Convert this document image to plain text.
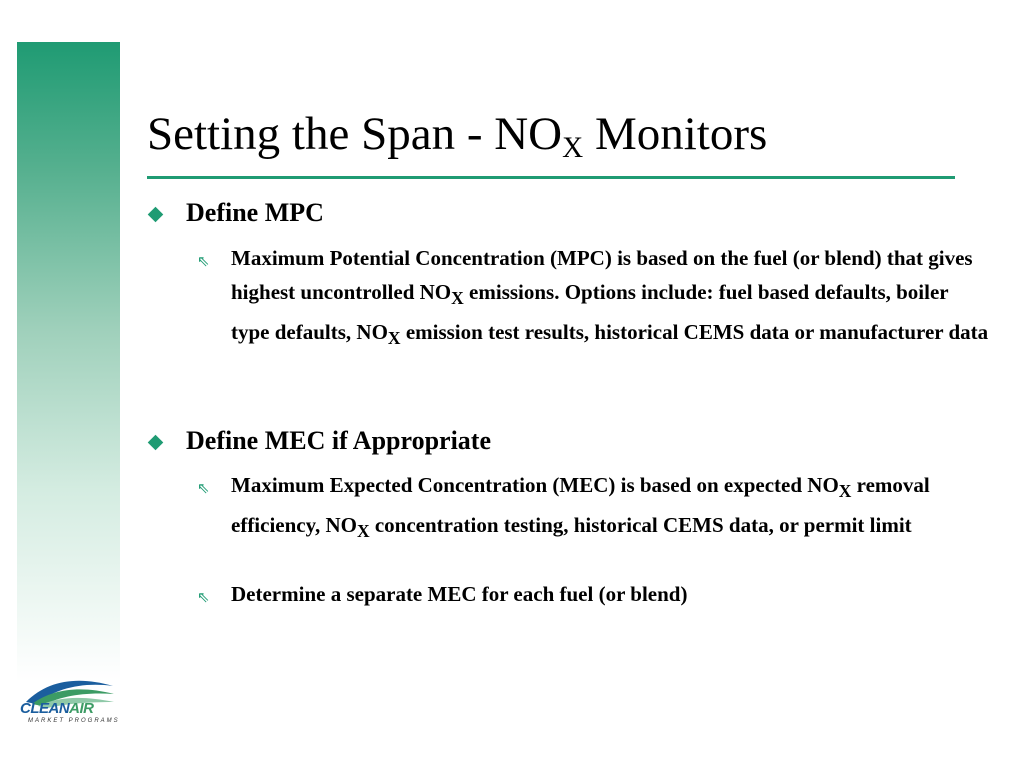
Setting the Span - $NO_X$ Monitors
Define MPC
⇖ Maximum Potential Concentration (MPC) is based on the fuel (or blend) that gives highest uncontrolled $NO_X$ emissions. Options include: fuel based defaults, boiler type defaults, $NO_X$ emission test results, historical CEMS data or manufacturer data
Define MEC if Appropriate
⇖ Maximum Expected Concentration (MEC) is based on expected $NO_X$ removal efficiency, $NO_X$ concentration testing, historical CEMS data, or permit limit
⇖ Determine a separate MEC for each fuel (or blend)
CLEANAIR
MARKET PROGRAMS
